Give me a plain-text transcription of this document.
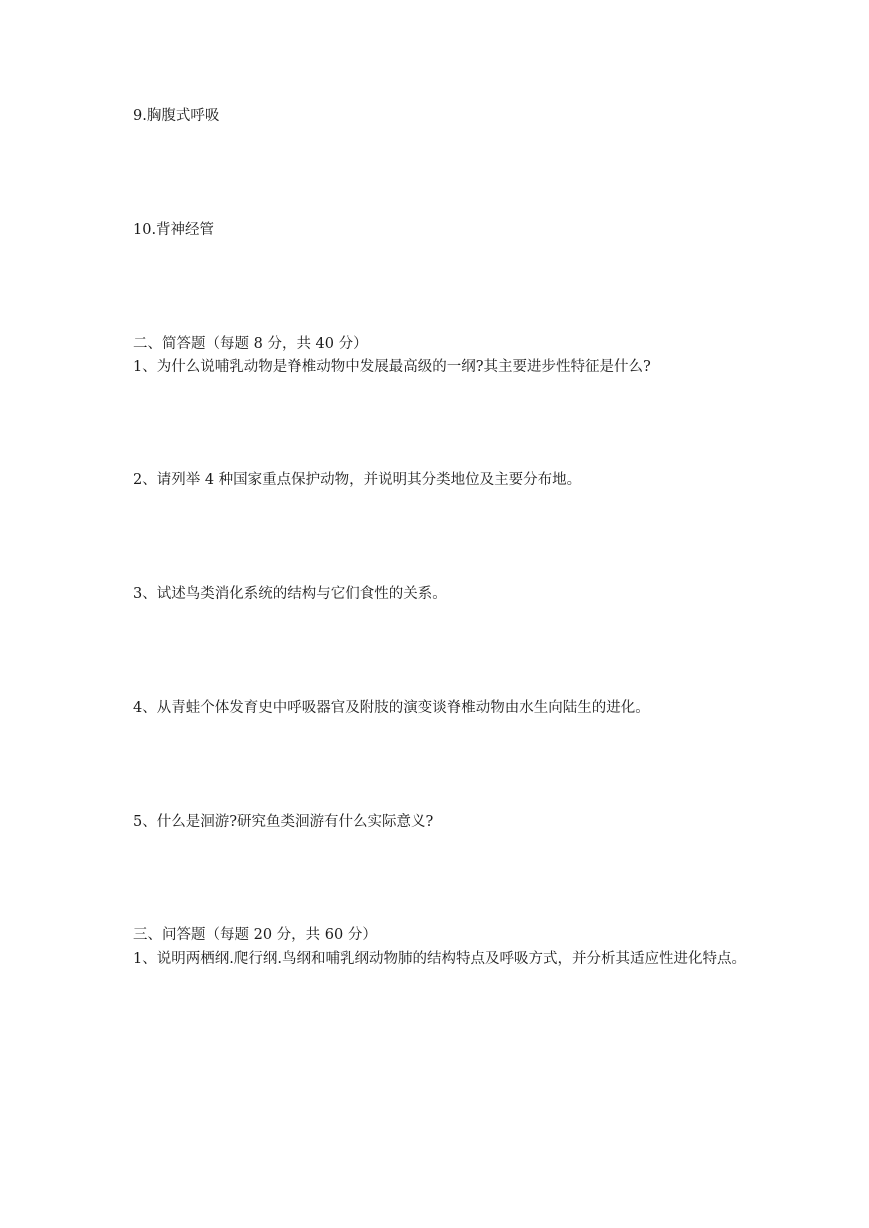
9.胸腹式呼吸
10.背神经管
二、简答题（每题 8 分，共 40 分）
1、为什么说哺乳动物是脊椎动物中发展最高级的一纲?其主要进步性特征是什么?
2、请列举 4 种国家重点保护动物，并说明其分类地位及主要分布地。
3、试述鸟类消化系统的结构与它们食性的关系。
4、从青蛙个体发育史中呼吸器官及附肢的演变谈脊椎动物由水生向陆生的进化。
5、什么是洄游?研究鱼类洄游有什么实际意义?
三、问答题（每题 20 分，共 60 分）
1、说明两栖纲.爬行纲.鸟纲和哺乳纲动物肺的结构特点及呼吸方式，并分析其适应性进化特点。
